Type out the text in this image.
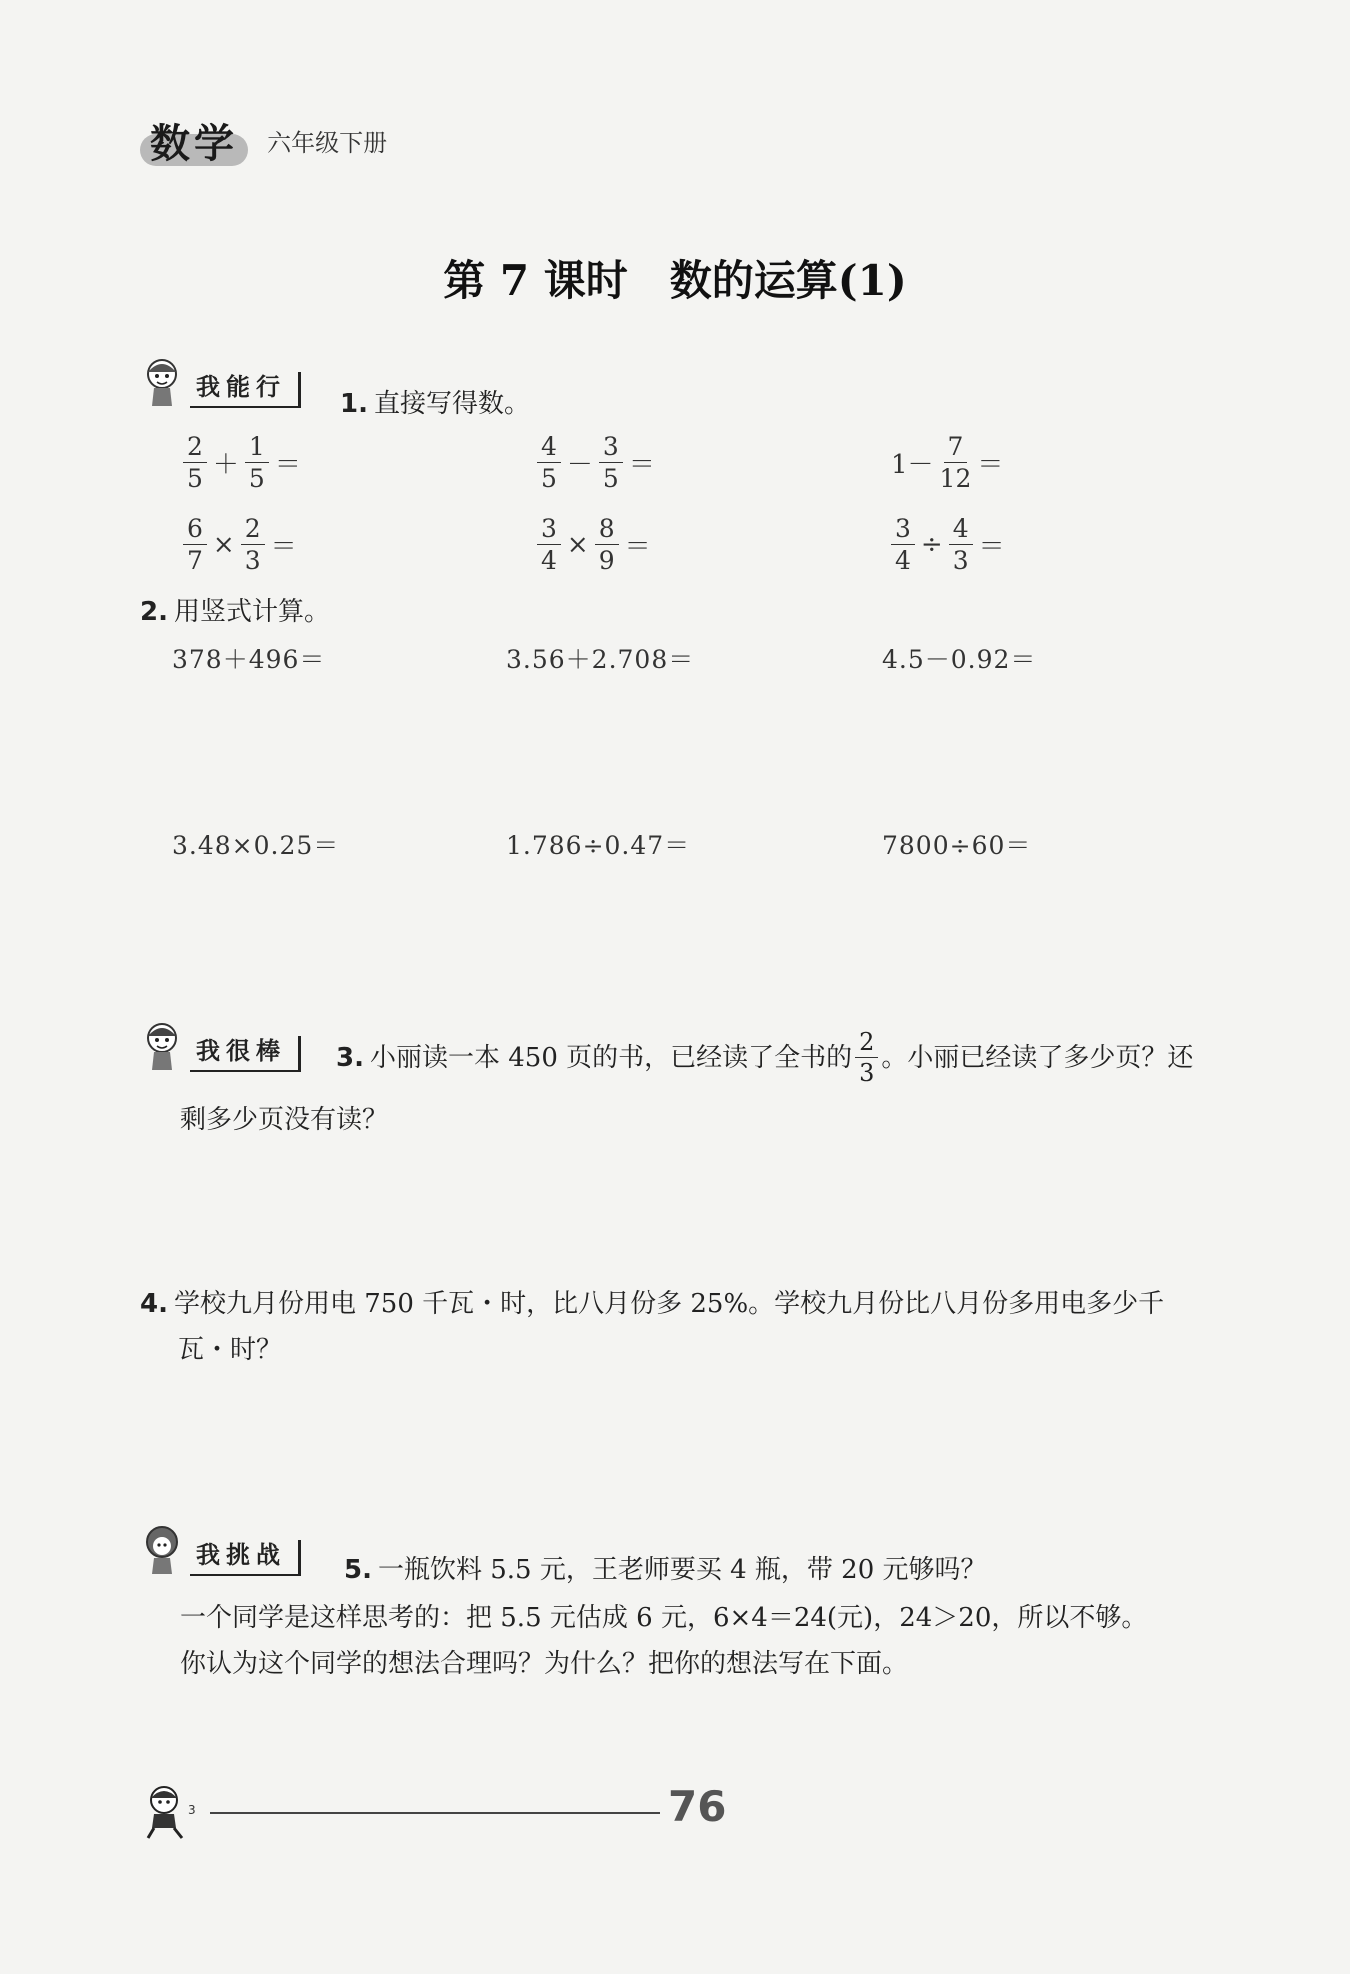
数学 六年级下册
第 7 课时　数的运算(1)
我能行
1. 直接写得数。
$\frac{2}{5} + \frac{1}{5}$ ＝	$\frac{4}{5} - \frac{3}{5}$ ＝	$1- \frac{7}{12}$ ＝
$\frac{6}{7} \times \frac{2}{3}$ ＝	$\frac{3}{4} \times \frac{8}{9}$ ＝	$\frac{3}{4} \div \frac{4}{3}$ ＝
2. 用竖式计算。
378＋496＝	3.56＋2.708＝	4.5－0.92＝
3.48×0.25＝	1.786÷0.47＝	7800÷60＝
我很棒	3. 小丽读一本 450 页的书，已经读了全书的 $\frac{2}{3}$ 。小丽已经读了多少页？还
剩多少页没有读？
4. 学校九月份用电 750 千瓦・时，比八月份多 25%。学校九月份比八月份多用电多少千
瓦・时？
我挑战	5. 一瓶饮料 5.5 元，王老师要买 4 瓶，带 20 元够吗？
一个同学是这样思考的：把 5.5 元估成 6 元，6×4＝24(元)，24＞20，所以不够。
你认为这个同学的想法合理吗？为什么？把你的想法写在下面。
3	76
